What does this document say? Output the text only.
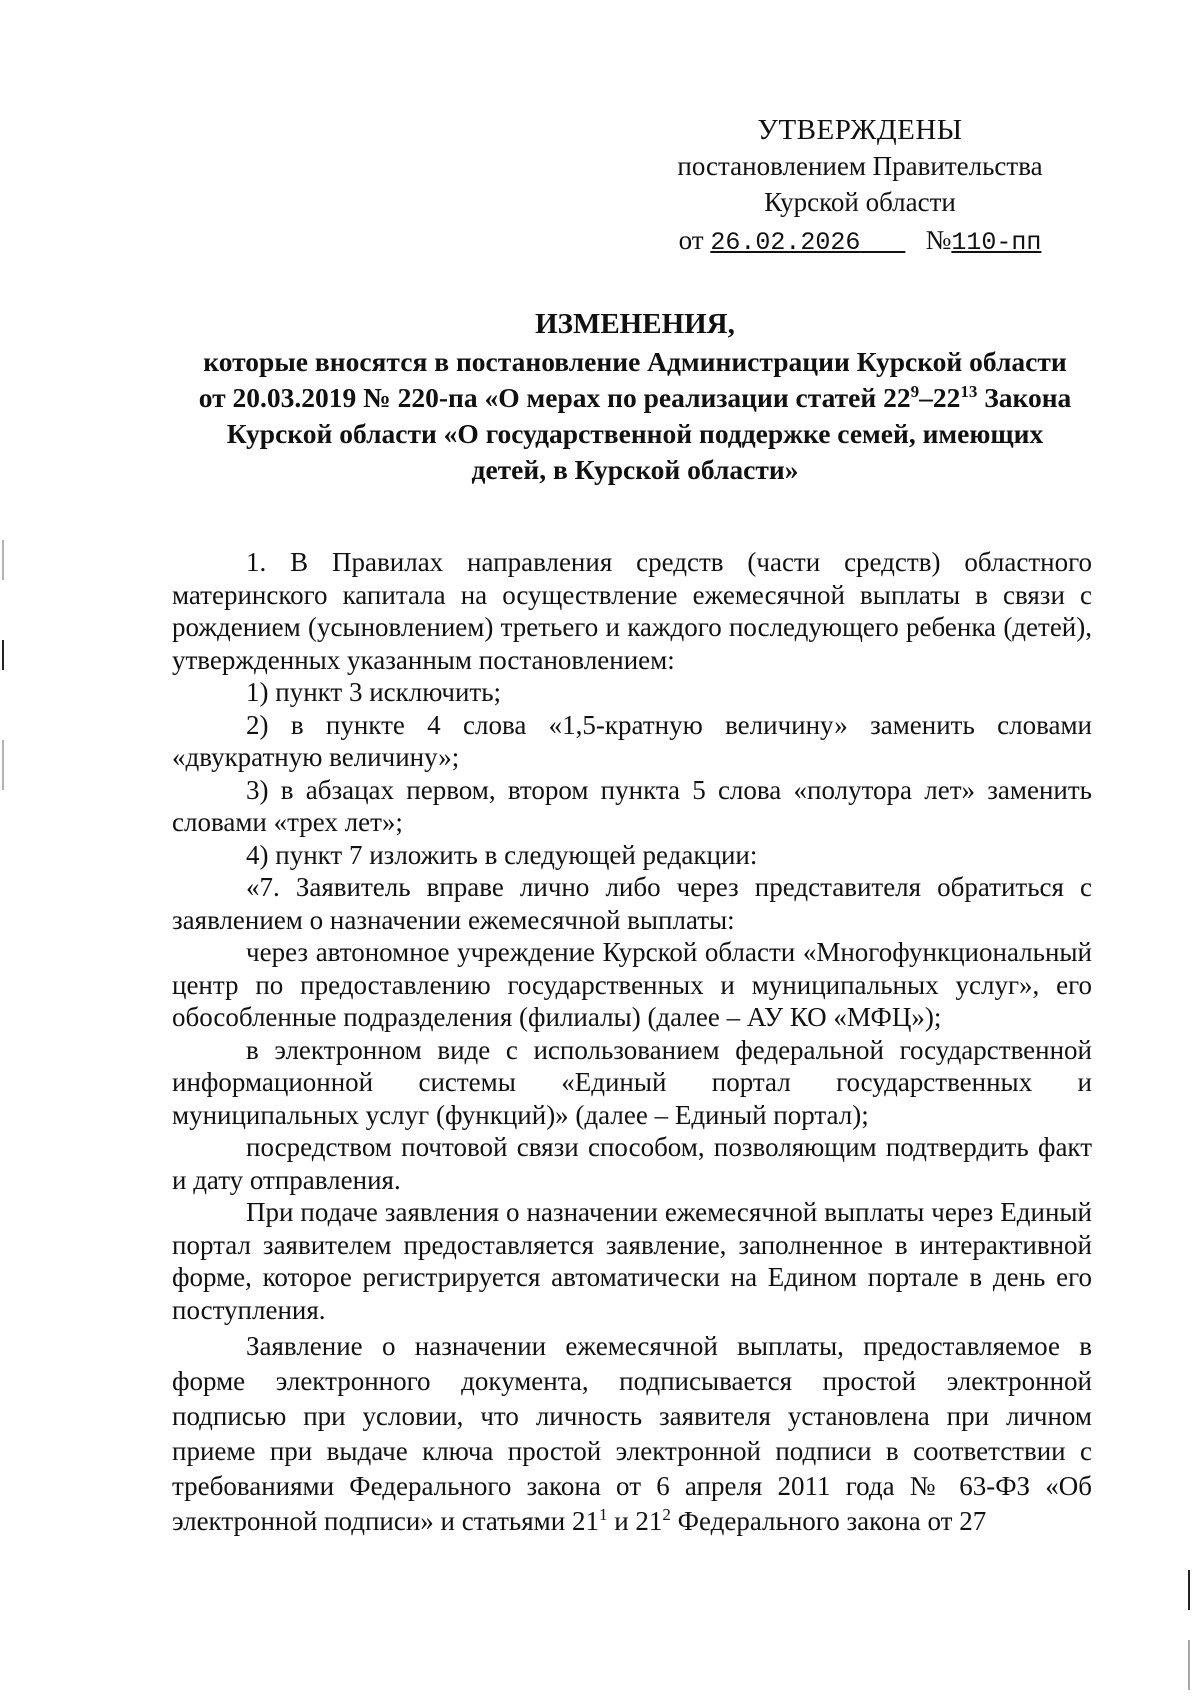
УТВЕРЖДЕНЫ
постановлением Правительства
Курской области
от 26.02.2026 №110-пп
ИЗМЕНЕНИЯ,
которые вносятся в постановление Администрации Курской области
от 20.03.2019 № 220-па «О мерах по реализации статей $22^9-22^{13}$ Закона
Курской области «О государственной поддержке семей, имеющих
детей, в Курской области»

1. В Правилах направления средств (части средств) областного материнского капитала на осуществление ежемесячной выплаты в связи с рождением (усыновлением) третьего и каждого последующего ребенка (детей), утвержденных указанным постановлением:

1) пункт 3 исключить;

2) в пункте 4 слова «1,5-кратную величину» заменить словами «двукратную величину»;

3) в абзацах первом, втором пункта 5 слова «полутора лет» заменить словами «трех лет»;

4) пункт 7 изложить в следующей редакции:

«7. Заявитель вправе лично либо через представителя обратиться с заявлением о назначении ежемесячной выплаты:

через автономное учреждение Курской области «Многофункциональный центр по предоставлению государственных и муниципальных услуг», его обособленные подразделения (филиалы) (далее – АУ КО «МФЦ»);

в электронном виде с использованием федеральной государственной информационной системы «Единый портал государственных и муниципальных услуг (функций)» (далее – Единый портал);

посредством почтовой связи способом, позволяющим подтвердить факт и дату отправления.

При подаче заявления о назначении ежемесячной выплаты через Единый портал заявителем предоставляется заявление, заполненное в интерактивной форме, которое регистрируется автоматически на Едином портале в день его поступления.

Заявление о назначении ежемесячной выплаты, предоставляемое в форме электронного документа, подписывается простой электронной подписью при условии, что личность заявителя установлена при личном приеме при выдаче ключа простой электронной подписи в соответствии с требованиями Федерального закона от 6 апреля 2011 года № 63-ФЗ «Об электронной подписи» и статьями $21^1$ и $21^2$ Федерального закона от 27
